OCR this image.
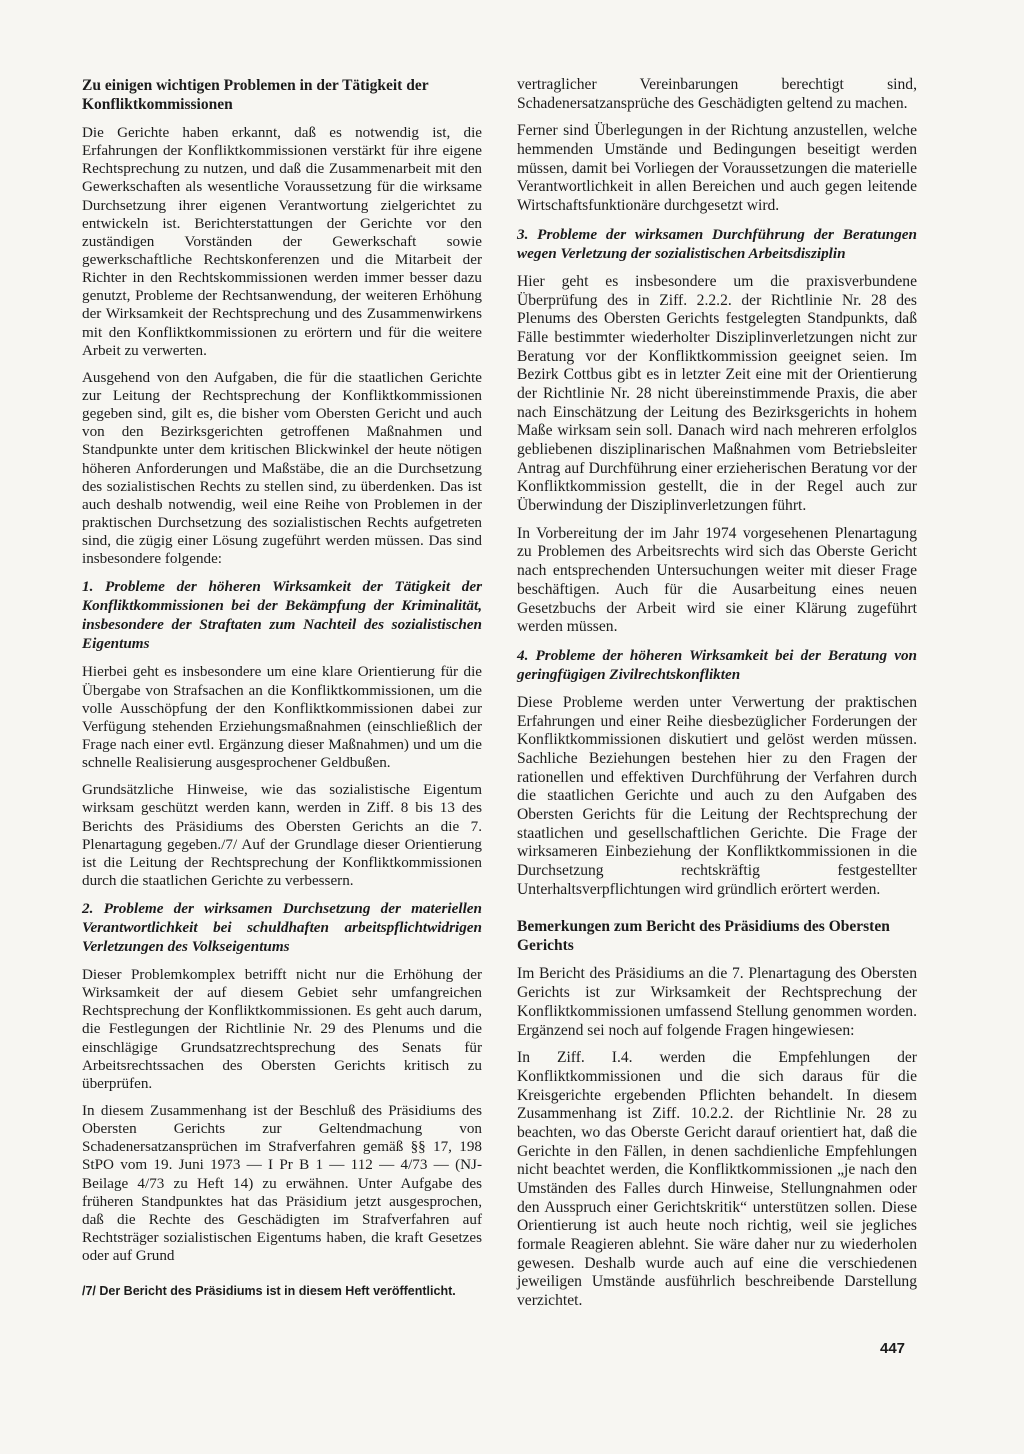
Zu einigen wichtigen Problemen in der Tätigkeit der Konfliktkommissionen

Die Gerichte haben erkannt, daß es notwendig ist, die Erfahrungen der Konfliktkommissionen verstärkt für ihre eigene Rechtsprechung zu nutzen, und daß die Zusammenarbeit mit den Gewerkschaften als wesentliche Voraussetzung für die wirksame Durchsetzung ihrer eigenen Verantwortung zielgerichtet zu entwickeln ist. Berichterstattungen der Gerichte vor den zuständigen Vorständen der Gewerkschaft sowie gewerkschaftliche Rechtskonferenzen und die Mitarbeit der Richter in den Rechtskommissionen werden immer besser dazu genutzt, Probleme der Rechtsanwendung, der weiteren Erhöhung der Wirksamkeit der Rechtsprechung und des Zusammenwirkens mit den Konfliktkommissionen zu erörtern und für die weitere Arbeit zu verwerten.

Ausgehend von den Aufgaben, die für die staatlichen Gerichte zur Leitung der Rechtsprechung der Konfliktkommissionen gegeben sind, gilt es, die bisher vom Obersten Gericht und auch von den Bezirksgerichten getroffenen Maßnahmen und Standpunkte unter dem kritischen Blickwinkel der heute nötigen höheren Anforderungen und Maßstäbe, die an die Durchsetzung des sozialistischen Rechts zu stellen sind, zu überdenken. Das ist auch deshalb notwendig, weil eine Reihe von Problemen in der praktischen Durchsetzung des sozialistischen Rechts aufgetreten sind, die zügig einer Lösung zugeführt werden müssen. Das sind insbesondere folgende:

1. Probleme der höheren Wirksamkeit der Tätigkeit der Konfliktkommissionen bei der Bekämpfung der Kriminalität, insbesondere der Straftaten zum Nachteil des sozialistischen Eigentums

Hierbei geht es insbesondere um eine klare Orientierung für die Übergabe von Strafsachen an die Konfliktkommissionen, um die volle Ausschöpfung der den Konfliktkommissionen dabei zur Verfügung stehenden Erziehungsmaßnahmen (einschließlich der Frage nach einer evtl. Ergänzung dieser Maßnahmen) und um die schnelle Realisierung ausgesprochener Geldbußen.

Grundsätzliche Hinweise, wie das sozialistische Eigentum wirksam geschützt werden kann, werden in Ziff. 8 bis 13 des Berichts des Präsidiums des Obersten Gerichts an die 7. Plenartagung gegeben./7/ Auf der Grundlage dieser Orientierung ist die Leitung der Rechtsprechung der Konfliktkommissionen durch die staatlichen Gerichte zu verbessern.

2. Probleme der wirksamen Durchsetzung der materiellen Verantwortlichkeit bei schuldhaften arbeitspflichtwidrigen Verletzungen des Volkseigentums

Dieser Problemkomplex betrifft nicht nur die Erhöhung der Wirksamkeit der auf diesem Gebiet sehr umfangreichen Rechtsprechung der Konfliktkommissionen. Es geht auch darum, die Festlegungen der Richtlinie Nr. 29 des Plenums und die einschlägige Grundsatzrechtsprechung des Senats für Arbeitsrechtssachen des Obersten Gerichts kritisch zu überprüfen.

In diesem Zusammenhang ist der Beschluß des Präsidiums des Obersten Gerichts zur Geltendmachung von Schadenersatzansprüchen im Strafverfahren gemäß §§ 17, 198 StPO vom 19. Juni 1973 — I Pr B 1 — 112 — 4/73 — (NJ-Beilage 4/73 zu Heft 14) zu erwähnen. Unter Aufgabe des früheren Standpunktes hat das Präsidium jetzt ausgesprochen, daß die Rechte des Geschädigten im Strafverfahren auf Rechtsträger sozialistischen Eigentums haben, die kraft Gesetzes oder auf Grund

/7/ Der Bericht des Präsidiums ist in diesem Heft veröffentlicht.

vertraglicher Vereinbarungen berechtigt sind, Schadenersatzansprüche des Geschädigten geltend zu machen.

Ferner sind Überlegungen in der Richtung anzustellen, welche hemmenden Umstände und Bedingungen beseitigt werden müssen, damit bei Vorliegen der Voraussetzungen die materielle Verantwortlichkeit in allen Bereichen und auch gegen leitende Wirtschaftsfunktionäre durchgesetzt wird.

3. Probleme der wirksamen Durchführung der Beratungen wegen Verletzung der sozialistischen Arbeitsdisziplin

Hier geht es insbesondere um die praxisverbundene Überprüfung des in Ziff. 2.2.2. der Richtlinie Nr. 28 des Plenums des Obersten Gerichts festgelegten Standpunkts, daß Fälle bestimmter wiederholter Disziplinverletzungen nicht zur Beratung vor der Konfliktkommission geeignet seien. Im Bezirk Cottbus gibt es in letzter Zeit eine mit der Orientierung der Richtlinie Nr. 28 nicht übereinstimmende Praxis, die aber nach Einschätzung der Leitung des Bezirksgerichts in hohem Maße wirksam sein soll. Danach wird nach mehreren erfolglos gebliebenen disziplinarischen Maßnahmen vom Betriebsleiter Antrag auf Durchführung einer erzieherischen Beratung vor der Konfliktkommission gestellt, die in der Regel auch zur Überwindung der Disziplinverletzungen führt.

In Vorbereitung der im Jahr 1974 vorgesehenen Plenartagung zu Problemen des Arbeitsrechts wird sich das Oberste Gericht nach entsprechenden Untersuchungen weiter mit dieser Frage beschäftigen. Auch für die Ausarbeitung eines neuen Gesetzbuchs der Arbeit wird sie einer Klärung zugeführt werden müssen.

4. Probleme der höheren Wirksamkeit bei der Beratung von geringfügigen Zivilrechtskonflikten

Diese Probleme werden unter Verwertung der praktischen Erfahrungen und einer Reihe diesbezüglicher Forderungen der Konfliktkommissionen diskutiert und gelöst werden müssen. Sachliche Beziehungen bestehen hier zu den Fragen der rationellen und effektiven Durchführung der Verfahren durch die staatlichen Gerichte und auch zu den Aufgaben des Obersten Gerichts für die Leitung der Rechtsprechung der staatlichen und gesellschaftlichen Gerichte. Die Frage der wirksameren Einbeziehung der Konfliktkommissionen in die Durchsetzung rechtskräftig festgestellter Unterhaltsverpflichtungen wird gründlich erörtert werden.

Bemerkungen zum Bericht des Präsidiums des Obersten Gerichts

Im Bericht des Präsidiums an die 7. Plenartagung des Obersten Gerichts ist zur Wirksamkeit der Rechtsprechung der Konfliktkommissionen umfassend Stellung genommen worden. Ergänzend sei noch auf folgende Fragen hingewiesen:

In Ziff. I.4. werden die Empfehlungen der Konfliktkommissionen und die sich daraus für die Kreisgerichte ergebenden Pflichten behandelt. In diesem Zusammenhang ist Ziff. 10.2.2. der Richtlinie Nr. 28 zu beachten, wo das Oberste Gericht darauf orientiert hat, daß die Gerichte in den Fällen, in denen sachdienliche Empfehlungen nicht beachtet werden, die Konfliktkommissionen „je nach den Umständen des Falles durch Hinweise, Stellungnahmen oder den Ausspruch einer Gerichtskritik“ unterstützen sollen. Diese Orientierung ist auch heute noch richtig, weil sie jegliches formale Reagieren ablehnt. Sie wäre daher nur zu wiederholen gewesen. Deshalb wurde auch auf eine die verschiedenen jeweiligen Umstände ausführlich beschreibende Darstellung verzichtet.

447
